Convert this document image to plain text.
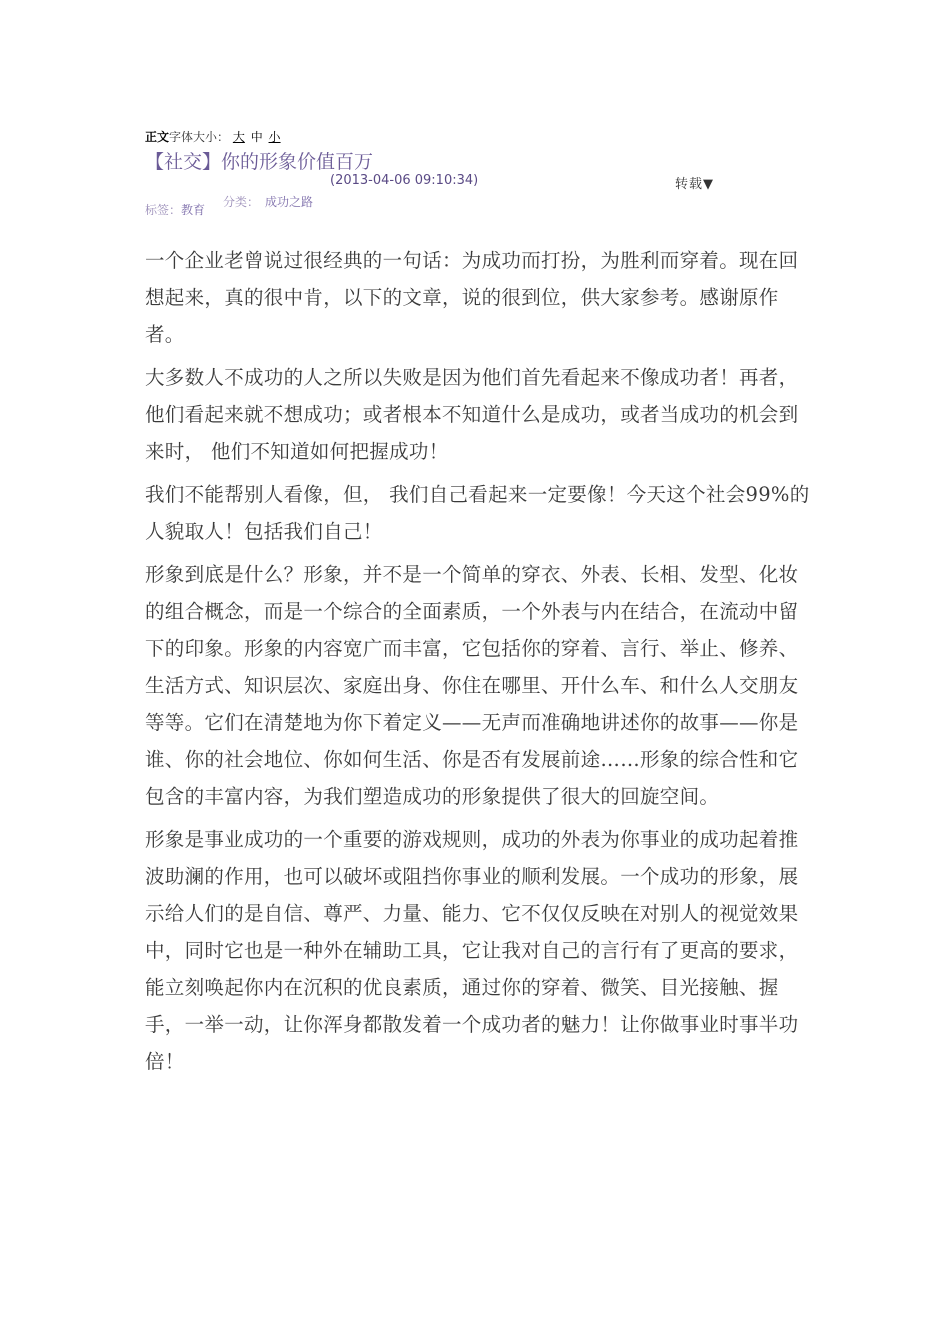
正文字体大小： 大 中 小
【社交】你的形象价值百万
(2013-04-06 09:10:34)	转载▼
标签：教育
分类： 成功之路

一个企业老曾说过很经典的一句话：为成功而打扮，为胜利而穿着。现在回想起来，真的很中肯，以下的文章，说的很到位，供大家参考。感谢原作者。

大多数人不成功的人之所以失败是因为他们首先看起来不像成功者！再者，他们看起来就不想成功；或者根本不知道什么是成功，或者当成功的机会到来时， 他们不知道如何把握成功！

我们不能帮别人看像，但， 我们自己看起来一定要像！今天这个社会99%的人貌取人！包括我们自己！

形象到底是什么？形象，并不是一个简单的穿衣、外表、长相、发型、化妆的组合概念，而是一个综合的全面素质，一个外表与内在结合，在流动中留下的印象。形象的内容宽广而丰富，它包括你的穿着、言行、举止、修养、生活方式、知识层次、家庭出身、你住在哪里、开什么车、和什么人交朋友等等。它们在清楚地为你下着定义——无声而准确地讲述你的故事——你是谁、你的社会地位、你如何生活、你是否有发展前途……形象的综合性和它包含的丰富内容，为我们塑造成功的形象提供了很大的回旋空间。

形象是事业成功的一个重要的游戏规则，成功的外表为你事业的成功起着推波助澜的作用，也可以破坏或阻挡你事业的顺利发展。一个成功的形象，展示给人们的是自信、尊严、力量、能力、它不仅仅反映在对别人的视觉效果中，同时它也是一种外在辅助工具，它让我对自己的言行有了更高的要求，能立刻唤起你内在沉积的优良素质，通过你的穿着、微笑、目光接触、握手，一举一动，让你浑身都散发着一个成功者的魅力！让你做事业时事半功倍！
